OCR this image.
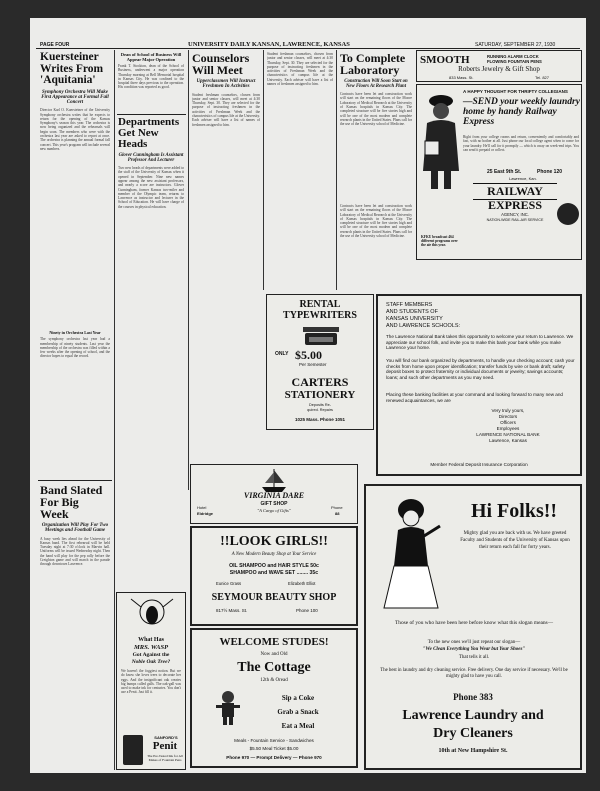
PAGE FOUR	UNIVERSITY DAILY KANSAN, LAWRENCE, KANSAS	SATURDAY, SEPTEMBER 27, 1930
Kuersteiner Writes From 'Aquitania'
Symphony Orchestra Will Make First Appearance at Formal Fall Concert
Director Karl O. Kuersteiner of the University Symphony orchestra writes that he expects to return for the opening of the Kansas Symphony's season this year. The orchestra is now being organized and the rehearsals will begin soon. The members who were with the orchestra last year are asked to report at once. The orchestra is planning the annual formal fall concert. This year's program will include several new numbers.
Ninety in Orchestra Last Year
The symphony orchestra last year had a membership of ninety students. Last year the membership of the orchestra was filled within a few weeks after the opening of school, and the director hopes to equal the record.
Band Slated For Big Week
Organization Will Play For Two Meetings and Football Game
A busy week lies ahead for the University of Kansas band. The first rehearsal will be held Tuesday night at 7:30 o'clock in Marvin hall. Uniforms will be issued Wednesday night. Then the band will play for the pep rally before the Creighton game and will march in the parade through downtown Lawrence.
Dean of School of Business Will Appear Major Operation
Frank T. Stockton, dean of the School of Business, underwent a major operation Thursday morning at Bell Memorial hospital in Kansas City. He was confined to the hospital three days previous to the operation. His condition was reported as good.
Departments Get New Heads
Glover Cunningham Is Assistant Professor And Lecturer
Two new heads of departments were added to the staff of the University of Kansas when it opened in September. Nine new names appear among the new assistant professors, and nearly a score are instructors. Glover Cunningham, former Kansas two-miler and member of the Olympic team, returns to Lawrence as instructor and lecturer in the School of Education. He will have charge of the courses in physical education.
Counselors Will Meet
Upperclassmen Will Instruct Freshmen In Activities
Student freshman counselors, chosen from junior and senior classes, will meet at 4:30 Thursday, Sept. 30. They are selected for the purpose of instructing freshmen in the activities of Freshman Week and the characteristics of campus life at the University. Each adviser will have a list of names of freshmen assigned to him.
Student freshman counselors, chosen from junior and senior classes, will meet at 4:30 Thursday, Sept. 30. They are selected for the purpose of instructing freshmen in the activities of Freshman Week and the characteristics of campus life at the University. Each adviser will have a list of names of freshmen assigned to him.
To Complete Laboratory
Construction Will Soon Start on New Floors At Research Plant
Contracts have been let and construction work will start on the remaining floors of the Moore Laboratory of Medical Research at the University of Kansas hospitals in Kansas City. The completed structure will be five stories high and will be one of the most modern and complete research plants in the United States. Plans call for the use of the University school of Medicine.
SMOOTH	RUNNING ALARM CLOCK
FLOWING FOUNTAIN PENS
Roberts Jewelry & Gift Shop
833 Mass. St.	Tel. 827
A HAPPY THOUGHT FOR THRIFTY COLLEGIANS
—SEND your weekly laundry home by handy Railway Express
Right from your college rooms and return, conveniently and comfortably and fast, with no bother at all. Just phone our local college agent when to come for your laundry. He'll call for it promptly — which is away on week-end trips. You can send it prepaid or collect.
25 East 9th St.	Phone 120
Lawrence, Kan.
RAILWAY
EXPRESS
AGENCY, INC.
NATION-WIDE RAIL-AIR SERVICE
KFKU broadcast 464 different programs over the air this year.
RENTAL TYPEWRITERS
ONLY $5.00
Per Semester
CARTERS
STATIONERY
Deposits Re-
quired. Repairs
1025 Mass. Phone 1051
Contracts have been let and construction work will start on the remaining floors of the Moore Laboratory of Medical Research at the University of Kansas hospitals in Kansas City. The completed structure will be five stories high and will be one of the most modern and complete research plants in the United States. Plans call for the use of the University school of Medicine.
STAFF MEMBERS
AND STUDENTS OF
KANSAS UNIVERSITY
AND LAWRENCE SCHOOLS:
The Lawrence National Bank takes this opportunity to welcome your return to Lawrence. We appreciate our school folk, and invite you to make this bank your bank while you make Lawrence your home.
You will find our bank organized by departments, to handle your checking account; cash your checks from home upon proper identification; transfer funds by wire or bank draft; safety deposit boxes to protect fraternity or individual documents or jewelry; savings accounts; loans; and such other departments as you may need.
Placing these banking facilities at your command and looking forward to many new and renewed acquaintances, we are
Very truly yours,
Directors
Officers
Employees
LAWRENCE NATIONAL BANK
Lawrence, Kansas
Member Federal Deposit Insurance Corporation
VIRGINIA DARE
GIFT SHOP
"A Cargo of Gifts"
Hotel
Eldridge
Phone
88
!!LOOK GIRLS!!
A New Modern Beauty Shop at Your Service
OIL SHAMPOO and HAIR STYLE 50c
SHAMPOO and WAVE SET ........ 35c
Eunice Grass	Elizabeth Elliot
SEYMOUR BEAUTY SHOP
817½ Mass. St.	Phone 100
WELCOME STUDES!
Now and Old
The Cottage
12th & Oread
Sip a Coke
Grab a Snack
Eat a Meal
Meals - Fountain Service - Sandwiches
$5.50 Meal Ticket $5.00
Phone 970 — Prompt Delivery — Phone 970
Hi Folks!!
Mighty glad you are back with us. We have greeted Faculty and Students of the University of Kansas upon their return each fall for forty years.
Those of you who have been here before know what this slogan means—
To the new ones we'll just repeat our slogan—
"We Clean Everything You Wear but Your Shoes"
That tells it all.
The best in laundry and dry cleaning service. Free delivery. One day service if necessary. We'll be mighty glad to have you call.
Phone 383
Lawrence Laundry and
Dry Cleaners
10th at New Hampshire St.
What Has
MRS. WASP
Got Against the
Noble Oak Tree?
We haven't the foggiest notion. But we do know she loves trees to decorate her eggs. And the insignificant oak creates big bumps called galls. The oak-gall was used to make ink for centuries. You don't use a Penit. Just fill it.
SANFORD'S
Penit
The Pre-Tested Ink for All Makes of Fountain Pens
